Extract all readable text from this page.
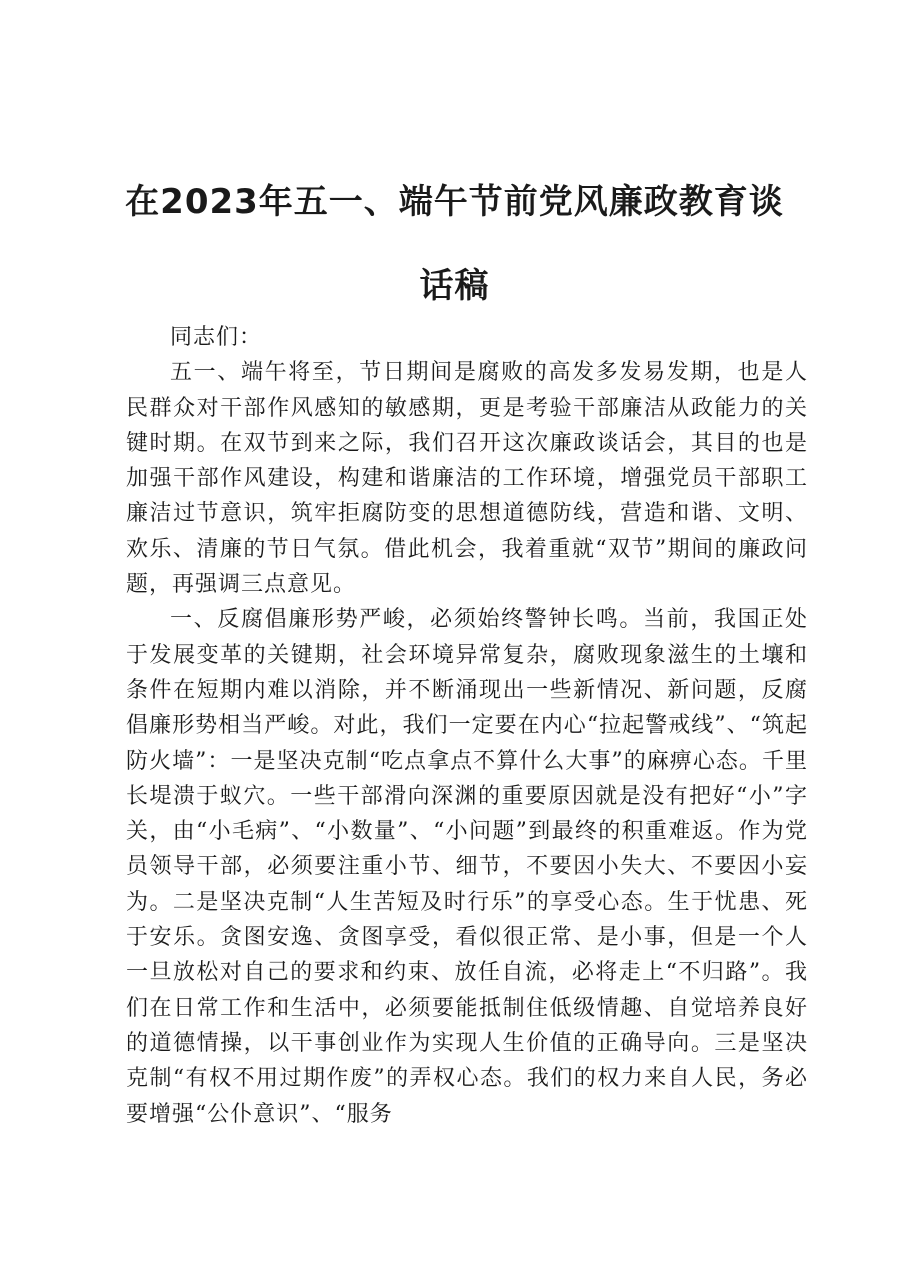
在2023年五一、端午节前党风廉政教育谈话稿

同志们：

五一、端午将至，节日期间是腐败的高发多发易发期，也是人民群众对干部作风感知的敏感期，更是考验干部廉洁从政能力的关键时期。在双节到来之际，我们召开这次廉政谈话会，其目的也是加强干部作风建设，构建和谐廉洁的工作环境，增强党员干部职工廉洁过节意识，筑牢拒腐防变的思想道德防线，营造和谐、文明、欢乐、清廉的节日气氛。借此机会，我着重就“双节”期间的廉政问题，再强调三点意见。

一、反腐倡廉形势严峻，必须始终警钟长鸣。当前，我国正处于发展变革的关键期，社会环境异常复杂，腐败现象滋生的土壤和条件在短期内难以消除，并不断涌现出一些新情况、新问题，反腐倡廉形势相当严峻。对此，我们一定要在内心“拉起警戒线”、“筑起防火墙”：一是坚决克制“吃点拿点不算什么大事”的麻痹心态。千里长堤溃于蚁穴。一些干部滑向深渊的重要原因就是没有把好“小”字关，由“小毛病”、“小数量”、“小问题”到最终的积重难返。作为党员领导干部，必须要注重小节、细节，不要因小失大、不要因小妄为。二是坚决克制“人生苦短及时行乐”的享受心态。生于忧患、死于安乐。贪图安逸、贪图享受，看似很正常、是小事，但是一个人一旦放松对自己的要求和约束、放任自流，必将走上“不归路”。我们在日常工作和生活中，必须要能抵制住低级情趣、自觉培养良好的道德情操，以干事创业作为实现人生价值的正确导向。三是坚决克制“有权不用过期作废”的弄权心态。我们的权力来自人民，务必要增强“公仆意识”、“服务
